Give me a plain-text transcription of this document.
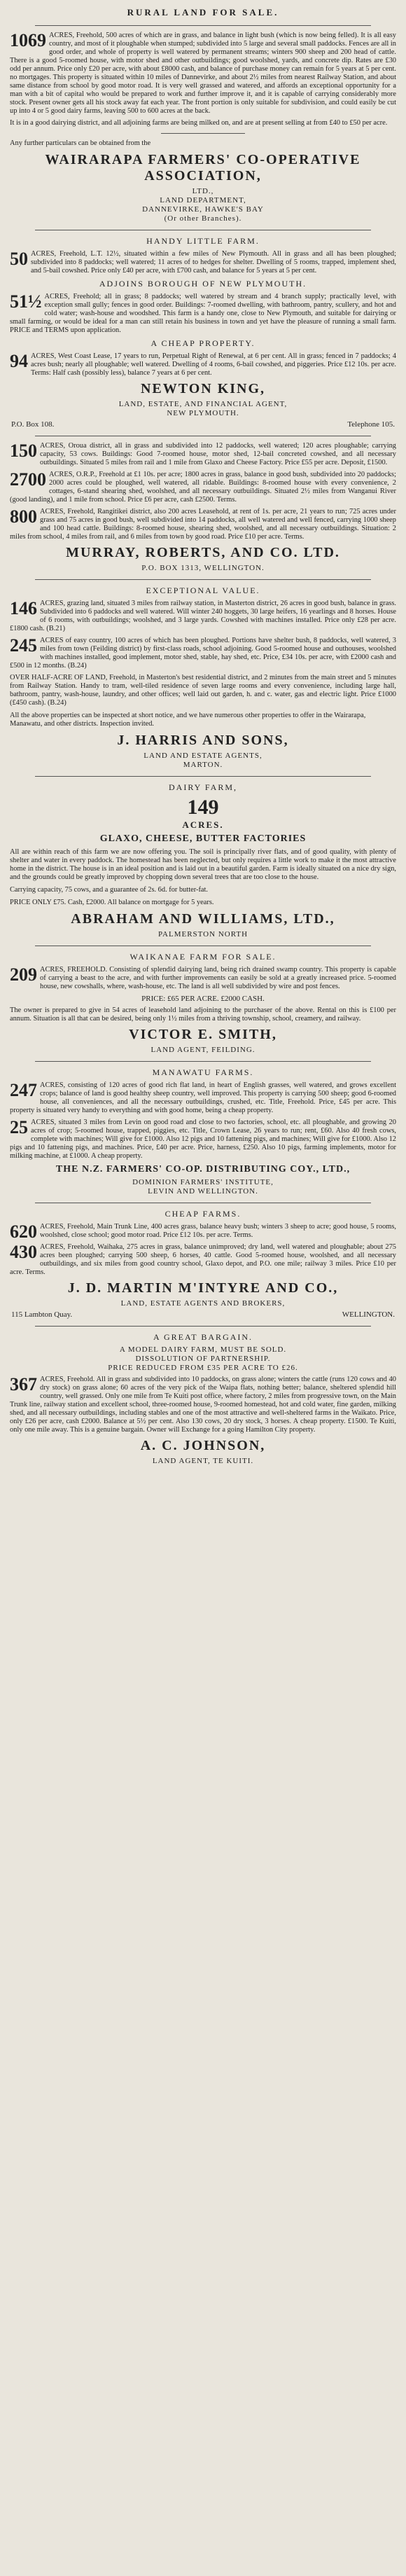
RURAL LAND FOR SALE.

1069 ACRES, Freehold, 500 acres of which are in grass, and balance in light bush (which is now being felled). It is all easy country, and most of it ploughable when stumped; subdivided into 5 large and several small paddocks. Fences are all in good order, and whole of property is well watered by permanent streams; winters 900 sheep and 200 head of cattle. There is a good 5-roomed house, with motor shed and other outbuildings; good woolshed, yards, and concrete dip. Rates are £30 odd per annum. Price only £20 per acre, with about £8000 cash, and balance of purchase money can remain for 5 years at 5 per cent. no mortgages. This property is situated within 10 miles of Dannevirke, and about 2½ miles from nearest Railway Station, and about same distance from school by good motor road. It is very well grassed and watered, and affords an exceptional opportunity for a man with a bit of capital who would be prepared to work and further improve it, and it is capable of carrying considerably more stock. Present owner gets all his stock away fat each year. The front portion is only suitable for subdivision, and could easily be cut up into 4 or 5 good dairy farms, leaving 500 to 600 acres at the back.

It is in a good dairying district, and all adjoining farms are being milked on, and are at present selling at from £40 to £50 per acre.

Any further particulars can be obtained from the

WAIRARAPA FARMERS' CO-OPERATIVE ASSOCIATION,
LTD.,
LAND DEPARTMENT,
DANNEVIRKE, HAWKE'S BAY
(Or other Branches).
HANDY LITTLE FARM.

50 ACRES, Freehold, L.T. 12½, situated within a few miles of New Plymouth. All in grass and all has been ploughed; subdivided into 8 paddocks; well watered; 11 acres of to hedges for shelter. Dwelling of 5 rooms, trapped, implement shed, and 5-bail cowshed. Price only £40 per acre, with £700 cash, and balance for 5 years at 5 per cent.

ADJOINS BOROUGH OF NEW PLYMOUTH.

51½ ACRES, Freehold; all in grass; 8 paddocks; well watered by stream and 4 branch supply; practically level, with exception small gully; fences in good order. Buildings: 7-roomed dwelling, with bathroom, pantry, scullery, and hot and cold water; wash-house and woodshed. This farm is a handy one, close to New Plymouth, and suitable for dairying or small farming, or would be ideal for a man can still retain his business in town and yet have the pleasure of running a small farm. PRICE and TERMS upon application.

A CHEAP PROPERTY.

94 ACRES, West Coast Lease, 17 years to run, Perpetual Right of Renewal, at 6 per cent. All in grass; fenced in 7 paddocks; 4 acres bush; nearly all ploughable; well watered. Dwelling of 4 rooms, 6-bail cowshed, and piggeries. Price £12 10s. per acre. Terms: Half cash (possibly less), balance 7 years at 6 per cent.

NEWTON KING,
LAND, ESTATE, AND FINANCIAL AGENT,
NEW PLYMOUTH.
P.O. Box 108.	Telephone 105.

150 ACRES, Oroua district, all in grass and subdivided into 12 paddocks, well watered; 120 acres ploughable; carrying capacity, 53 cows. Buildings: Good 7-roomed house, motor shed, 12-bail concreted cowshed, and all necessary outbuildings. Situated 5 miles from rail and 1 mile from Glaxo and Cheese Factory. Price £55 per acre. Deposit, £1500.

2700 ACRES, O.R.P., Freehold at £1 10s. per acre; 1800 acres in grass, balance in good bush, subdivided into 20 paddocks; 2000 acres could be ploughed, well watered, all ridable. Buildings: 8-roomed house with every convenience, 2 cottages, 6-stand shearing shed, woolshed, and all necessary outbuildings. Situated 2½ miles from Wanganui River (good landing), and 1 mile from school. Price £6 per acre, cash £2500. Terms.

800 ACRES, Freehold, Rangitikei district, also 200 acres Leasehold, at rent of 1s. per acre, 21 years to run; 725 acres under grass and 75 acres in good bush, well subdivided into 14 paddocks, all well watered and well fenced, carrying 1000 sheep and 100 head cattle. Buildings: 8-roomed house, shearing shed, woolshed, and all necessary outbuildings. Situation: 2 miles from school, 4 miles from rail, and 6 miles from town by good road. Price £10 per acre. Terms.

MURRAY, ROBERTS, AND CO. LTD.
P.O. BOX 1313, WELLINGTON.
EXCEPTIONAL VALUE.

146 ACRES, grazing land, situated 3 miles from railway station, in Masterton district, 26 acres in good bush, balance in grass. Subdivided into 6 paddocks and well watered. Will winter 240 hoggets, 30 large heifers, 16 yearlings and 8 horses. House of 6 rooms, with outbuildings; woolshed, and 3 large yards. Cowshed with machines installed. Price only £28 per acre. £1800 cash. (B.21)

245 ACRES of easy country, 100 acres of which has been ploughed. Portions have shelter bush, 8 paddocks, well watered, 3 miles from town (Feilding district) by first-class roads, school adjoining. Good 5-roomed house and outhouses, woolshed with machines installed, good implement, motor shed, stable, hay shed, etc. Price, £34 10s. per acre, with £2000 cash and £500 in 12 months. (B.24)

OVER HALF-ACRE OF LAND, Freehold, in Masterton's best residential district, and 2 minutes from the main street and 5 minutes from Railway Station. Handy to tram, well-tiled residence of seven large rooms and every convenience, including large hall, bathroom, pantry, wash-house, laundry, and other offices; well laid out garden, h. and c. water, gas and electric light. Price £1000 (£450 cash). (B.24)

All the above properties can be inspected at short notice, and we have numerous other properties to offer in the Wairarapa, Manawatu, and other districts. Inspection invited.

J. HARRIS AND SONS,
LAND AND ESTATE AGENTS,
MARTON.
DAIRY FARM,
149
ACRES.
GLAXO, CHEESE, BUTTER FACTORIES

All are within reach of this farm we are now offering you. The soil is principally river flats, and of good quality, with plenty of shelter and water in every paddock. The homestead has been neglected, but only requires a little work to make it the most attractive home in the district. The house is in an ideal position and is laid out in a beautiful garden. Farm is ideally situated on a nice dry sign, and the grounds could be greatly improved by chopping down several trees that are too close to the house.

Carrying capacity, 75 cows, and a guarantee of 2s. 6d. for butter-fat.

PRICE ONLY £75. Cash, £2000. All balance on mortgage for 5 years.

ABRAHAM AND WILLIAMS, LTD.,
PALMERSTON NORTH
WAIKANAE FARM FOR SALE.

209 ACRES, FREEHOLD. Consisting of splendid dairying land, being rich drained swamp country. This property is capable of carrying a beast to the acre, and with further improvements can easily be sold at a greatly increased price. 5-roomed house, new cowshalls, where, wash-house, etc. The land is all well subdivided by wire and post fences.

PRICE: £65 PER ACRE. £2000 CASH.

The owner is prepared to give in 54 acres of leasehold land adjoining to the purchaser of the above. Rental on this is £100 per annum. Situation is all that can be desired, being only 1½ miles from a thriving township, school, creamery, and railway.

VICTOR E. SMITH,
LAND AGENT, FEILDING.
MANAWATU FARMS.

247 ACRES, consisting of 120 acres of good rich flat land, in heart of English grasses, well watered, and grows excellent crops; balance of land is good healthy sheep country, well improved. This property is carrying 500 sheep; good 6-roomed house, all conveniences, and all the necessary outbuildings, crushed, etc. Title, Freehold. Price, £45 per acre. This property is situated very handy to everything and with good home, being a cheap property.

25 ACRES, situated 3 miles from Levin on good road and close to two factories, school, etc. all ploughable, and growing 20 acres of crop; 5-roomed house, trapped, piggies, etc. Title, Crown Lease, 26 years to run; rent, £60. Also 40 fresh cows, complete with machines; Will give for £1000. Also 12 pigs and 10 fattening pigs, and machines; Will give for £1000. Also 12 pigs and 10 fattening pigs, and machines. Price, £40 per acre. Price, harness, £250. Also 10 pigs, farming implements, motor for milking machine, at £1000. A cheap property.

THE N.Z. FARMERS' CO-OP. DISTRIBUTING COY., LTD.,
DOMINION FARMERS' INSTITUTE,
LEVIN AND WELLINGTON.
CHEAP FARMS.

620 ACRES, Freehold, Main Trunk Line, 400 acres grass, balance heavy bush; winters 3 sheep to acre; good house, 5 rooms, woolshed, close school; good motor road. Price £12 10s. per acre. Terms.

430 ACRES, Freehold, Waihaka, 275 acres in grass, balance unimproved; dry land, well watered and ploughable; about 275 acres been ploughed; carrying 500 sheep, 6 horses, 40 cattle. Good 5-roomed house, woolshed, and all necessary outbuildings, and six miles from good country school, Glaxo depot, and P.O. one mile; railway 3 miles. Price £10 per acre. Terms.

J. D. MARTIN M'INTYRE AND CO.,
LAND, ESTATE AGENTS AND BROKERS,
115 Lambton Quay.	WELLINGTON.
A GREAT BARGAIN.
A MODEL DAIRY FARM, MUST BE SOLD.
DISSOLUTION OF PARTNERSHIP.
PRICE REDUCED FROM £35 PER ACRE TO £26.

367 ACRES, Freehold. All in grass and subdivided into 10 paddocks, on grass alone; winters the cattle (runs 120 cows and 40 dry stock) on grass alone; 60 acres of the very pick of the Waipa flats, nothing better; balance, sheltered splendid hill country, well grassed. Only one mile from Te Kuiti post office, where factory, 2 miles from progressive town, on the Main Trunk line, railway station and excellent school, three-roomed house, 9-roomed homestead, hot and cold water, fine garden, milking shed, and all necessary outbuildings, including stables and one of the most attractive and well-sheltered farms in the Waikato. Price, only £26 per acre, cash £2000. Balance at 5½ per cent. Also 130 cows, 20 dry stock, 3 horses. A cheap property. £1500. Te Kuiti, only one mile away. This is a genuine bargain. Owner will Exchange for a going Hamilton City property.

A. C. JOHNSON,
LAND AGENT, TE KUITI.
